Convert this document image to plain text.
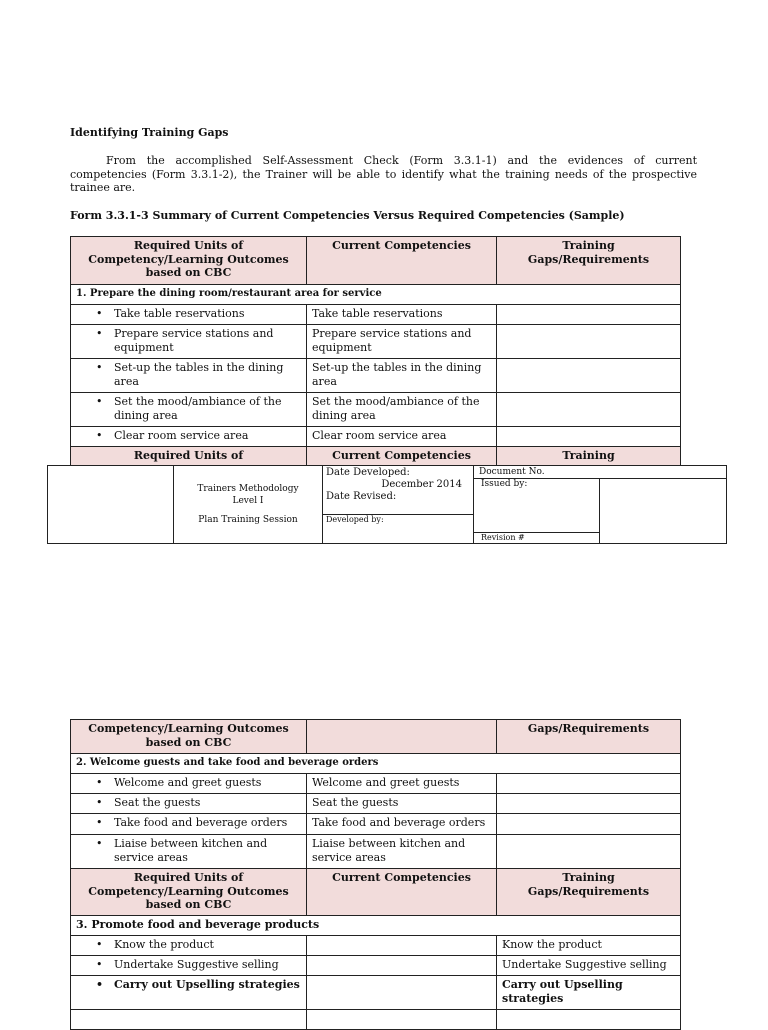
Identifying Training Gaps
From the accomplished Self-Assessment Check (Form 3.3.1-1) and the evidences of current competencies (Form 3.3.1-2), the Trainer will be able to identify what the training needs of the prospective trainee are.
Form 3.3.1-3 Summary of Current Competencies Versus Required Competencies (Sample)
Required Units of Competency/Learning Outcomes based on CBC	Current Competencies	Training Gaps/Requirements
1. Prepare the dining room/restaurant area for service		

• Take table reservations	Take table reservations	

• Prepare service stations and equipment	Prepare service stations and equipment	

• Set-up the tables in the dining area	Set-up the tables in the dining area	

• Set the mood/ambiance of the dining area	Set the mood/ambiance of the dining area	

• Clear room service area	Clear room service area	
Required Units of	Current Competencies	Training
Trainers Methodology
Level I
Plan Training Session
Date Developed:
December 2014
Date Revised:
Developed by:
Document No.
Issued by:
Revision #
Competency/Learning Outcomes based on CBC		Gaps/Requirements
2. Welcome guests and take food and beverage orders		

• Welcome and greet guests	Welcome and greet guests	

• Seat the guests	Seat the guests	

• Take food and beverage orders	Take food and beverage orders	

• Liaise between kitchen and service areas	Liaise between kitchen and service areas	
Required Units of Competency/Learning Outcomes based on CBC	Current Competencies	Training Gaps/Requirements
3. Promote food and beverage products		

• Know the product		Know the product

• Undertake Suggestive selling		Undertake Suggestive selling

• Carry out Upselling strategies		Carry out Upselling strategies
